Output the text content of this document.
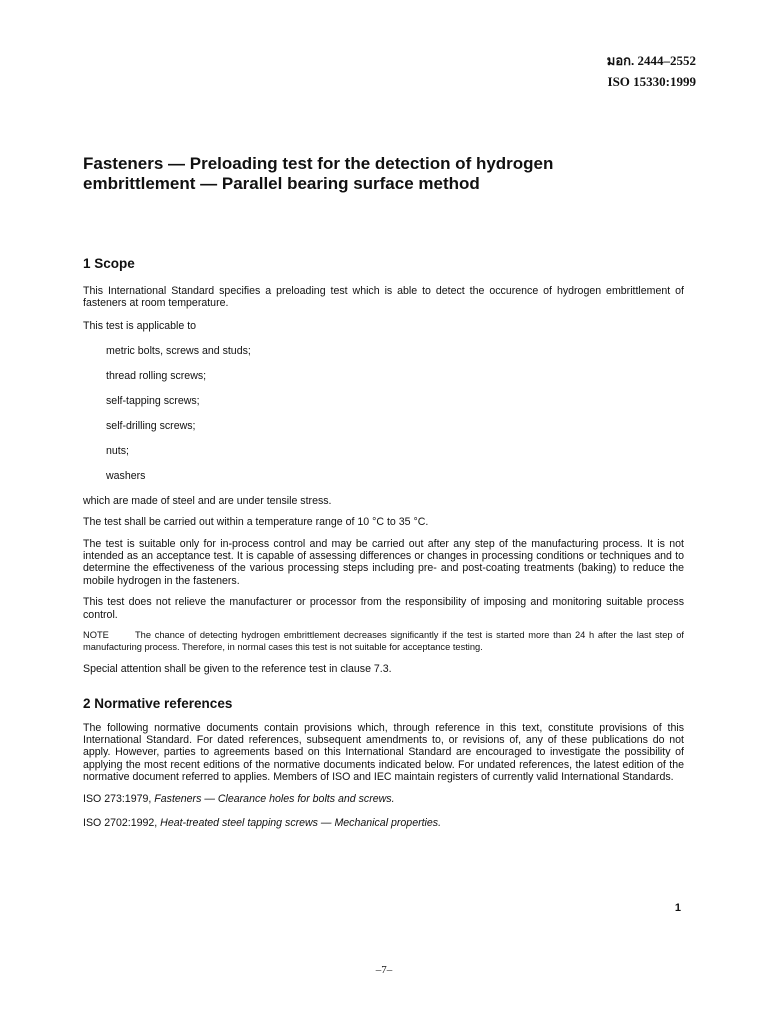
มอก. 2444–2552
ISO 15330:1999
Fasteners — Preloading test for the detection of hydrogen
embrittlement — Parallel bearing surface method
1 Scope

This International Standard specifies a preloading test which is able to detect the occurence of hydrogen embrittlement of fasteners at room temperature.

This test is applicable to

metric bolts, screws and studs;

thread rolling screws;

self-tapping screws;

self-drilling screws;

nuts;

washers

which are made of steel and are under tensile stress.

The test shall be carried out within a temperature range of 10 °C to 35 °C.

The test is suitable only for in-process control and may be carried out after any step of the manufacturing process. It is not intended as an acceptance test. It is capable of assessing differences or changes in processing conditions or techniques and to determine the effectiveness of the various processing steps including pre- and post-coating treatments (baking) to reduce the mobile hydrogen in the fasteners.

This test does not relieve the manufacturer or processor from the responsibility of imposing and monitoring suitable process control.

NOTE	The chance of detecting hydrogen embrittlement decreases significantly if the test is started more than 24 h after the last step of manufacturing process. Therefore, in normal cases this test is not suitable for acceptance testing.

Special attention shall be given to the reference test in clause 7.3.

2 Normative references

The following normative documents contain provisions which, through reference in this text, constitute provisions of this International Standard. For dated references, subsequent amendments to, or revisions of, any of these publications do not apply. However, parties to agreements based on this International Standard are encouraged to investigate the possibility of applying the most recent editions of the normative documents indicated below. For undated references, the latest edition of the normative document referred to applies. Members of ISO and IEC maintain registers of currently valid International Standards.

ISO 273:1979, Fasteners — Clearance holes for bolts and screws.

ISO 2702:1992, Heat-treated steel tapping screws — Mechanical properties.

1
–7–
